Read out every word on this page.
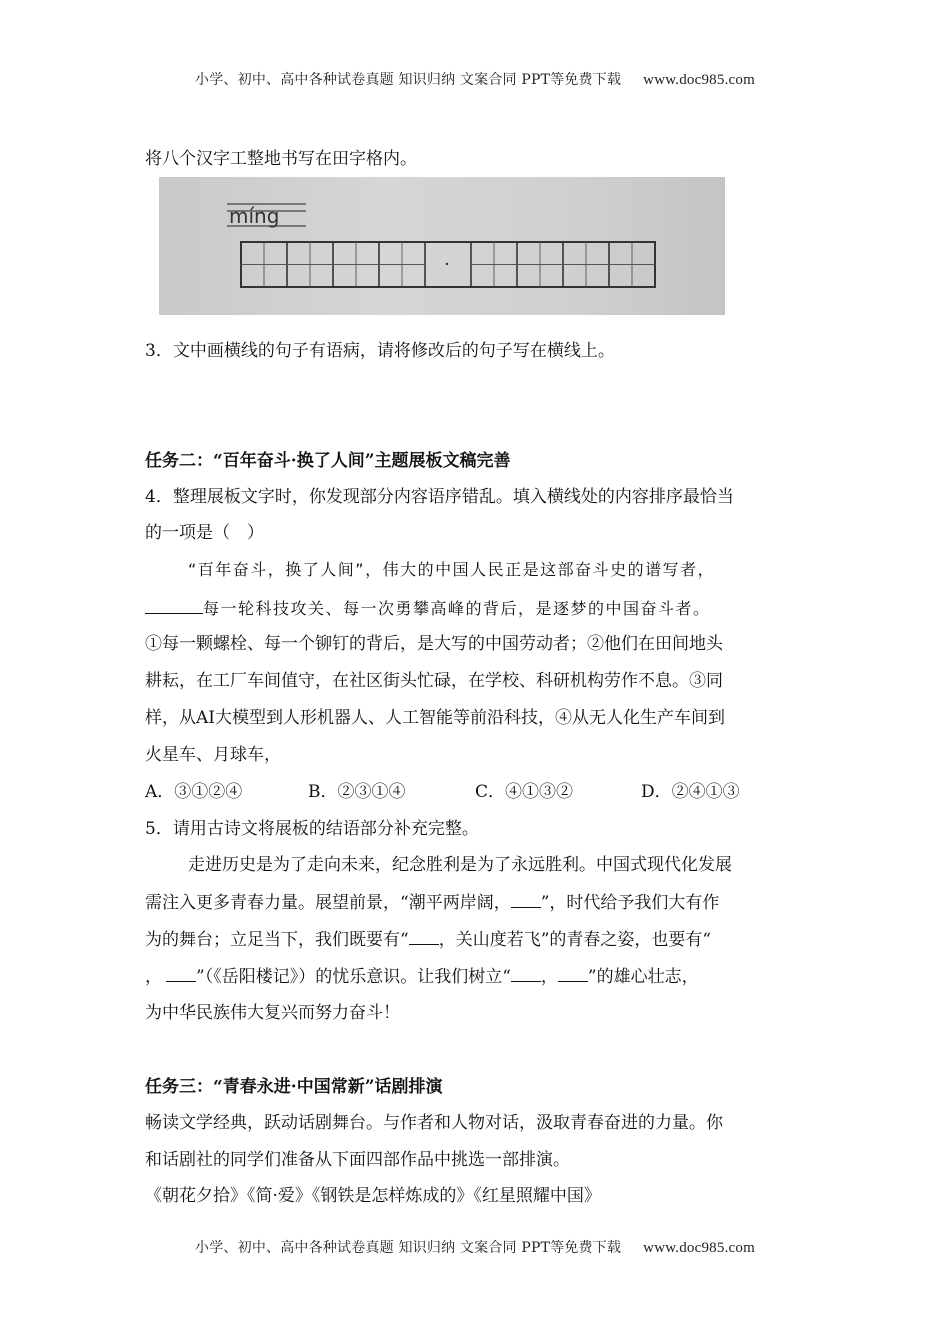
小学、初中、高中各种试卷真题 知识归纳 文案合同 PPT等免费下载 www.doc985.com
将八个汉字工整地书写在田字格内。
míng
·
3．文中画横线的句子有语病，请将修改后的句子写在横线上。
任务二：“百年奋斗·换了人间”主题展板文稿完善
4．整理展板文字时，你发现部分内容语序错乱。填入横线处的内容排序最恰当
的一项是（　）
“百年奋斗，换了人间”，伟大的中国人民正是这部奋斗史的谱写者，
每一轮科技攻关、每一次勇攀高峰的背后，是逐梦的中国奋斗者。
①每一颗螺栓、每一个铆钉的背后，是大写的中国劳动者；②他们在田间地头
耕耘，在工厂车间值守，在社区街头忙碌，在学校、科研机构劳作不息。③同
样，从AI大模型到人形机器人、人工智能等前沿科技，④从无人化生产车间到
火星车、月球车，
A．③①②④	B．②③①④	C．④①③②	D．②④①③
5．请用古诗文将展板的结语部分补充完整。
走进历史是为了走向未来，纪念胜利是为了永远胜利。中国式现代化发展
需注入更多青春力量。展望前景，“潮平两岸阔， ”，时代给予我们大有作
为的舞台；立足当下，我们既要有“ ，关山度若飞”的青春之姿，也要有“
， ”（《岳阳楼记》）的忧乐意识。让我们树立“ ， ”的雄心壮志，
为中华民族伟大复兴而努力奋斗！
任务三：“青春永进·中国常新”话剧排演
畅读文学经典，跃动话剧舞台。与作者和人物对话，汲取青春奋进的力量。你
和话剧社的同学们准备从下面四部作品中挑选一部排演。
《朝花夕拾》《简·爱》《钢铁是怎样炼成的》《红星照耀中国》
小学、初中、高中各种试卷真题 知识归纳 文案合同 PPT等免费下载 www.doc985.com
